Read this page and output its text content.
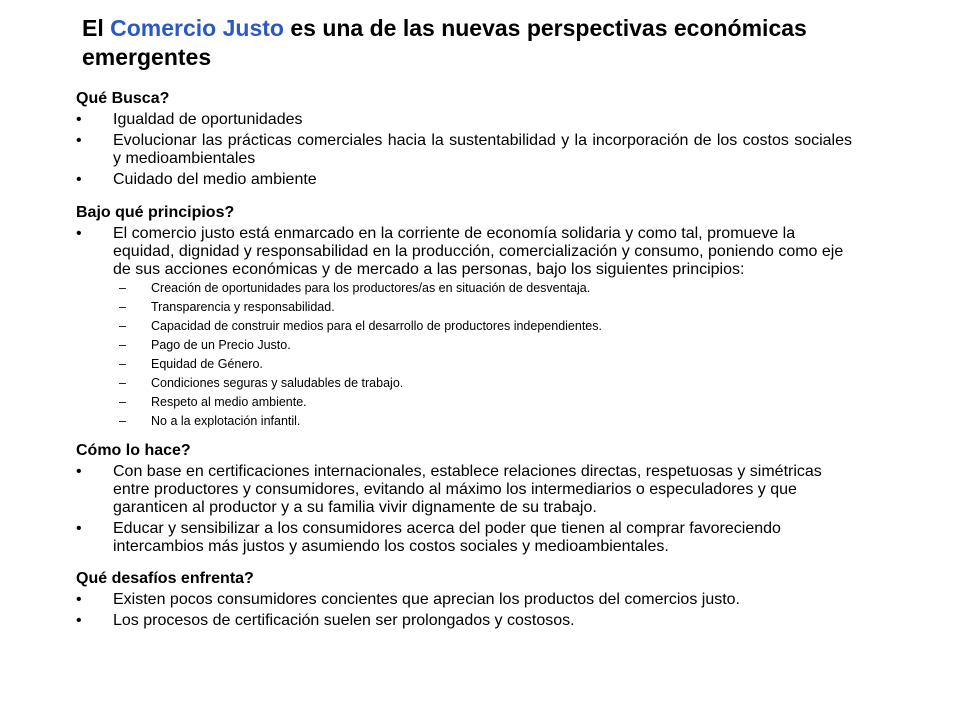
El Comercio Justo es una de las nuevas perspectivas económicas emergentes

Qué Busca?

• Igualdad de oportunidades
• Evolucionar las prácticas comerciales hacia la sustentabilidad y la incorporación de los costos sociales y medioambientales
• Cuidado del medio ambiente

Bajo qué principios?

• El comercio justo está enmarcado en la corriente de economía solidaria y como tal, promueve la equidad, dignidad y responsabilidad en la producción, comercialización y consumo, poniendo como eje de sus acciones económicas y de mercado a las personas, bajo los siguientes principios:
– Creación de oportunidades para los productores/as en situación de desventaja.
– Transparencia y responsabilidad.
– Capacidad de construir medios para el desarrollo de productores independientes.
– Pago de un Precio Justo.
– Equidad de Género.
– Condiciones seguras y saludables de trabajo.
– Respeto al medio ambiente.
– No a la explotación infantil.

Cómo lo hace?

• Con base en certificaciones internacionales, establece relaciones directas, respetuosas y simétricas entre productores y consumidores, evitando al máximo los intermediarios o especuladores y que garanticen al productor y a su familia vivir dignamente de su trabajo.
• Educar y sensibilizar a los consumidores acerca del poder que tienen al comprar favoreciendo intercambios más justos y asumiendo los costos sociales y medioambientales.

Qué desafíos enfrenta?

• Existen pocos consumidores concientes que aprecian los productos del comercios justo.
• Los procesos de certificación suelen ser prolongados y costosos.
